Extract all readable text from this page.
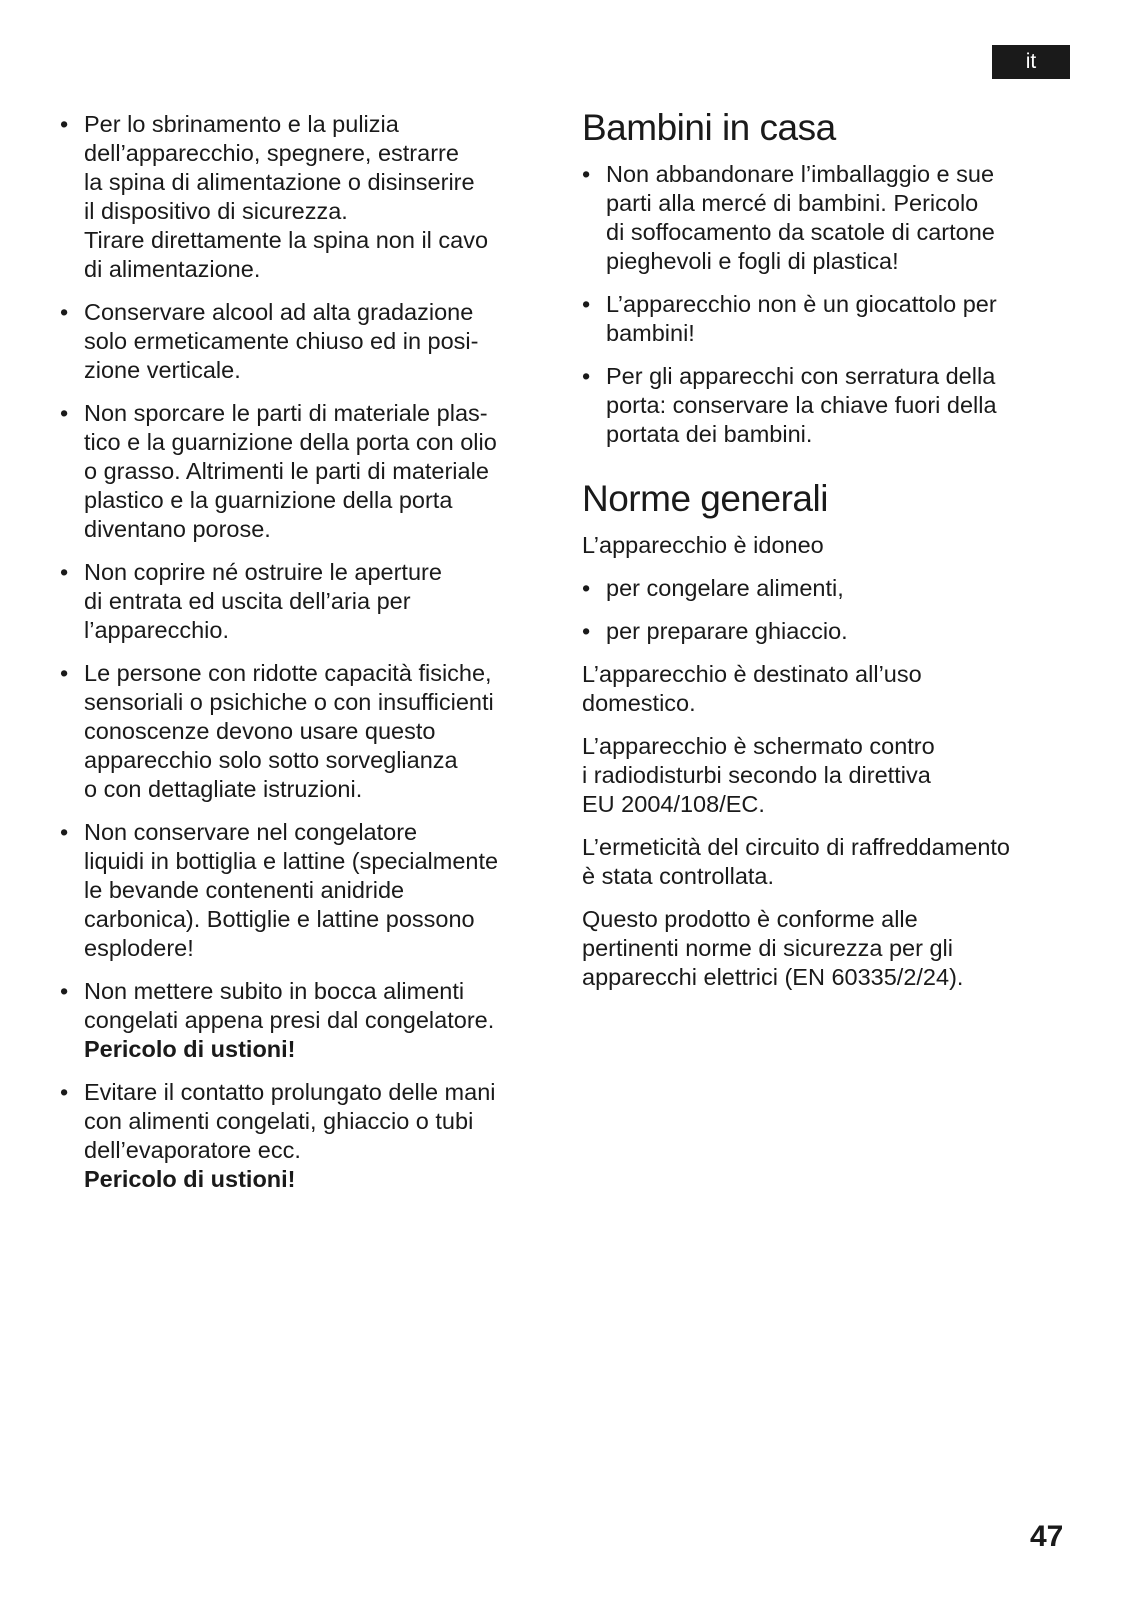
it
• Per lo sbrinamento e la pulizia
dell’apparecchio, spegnere, estrarre
la spina di alimentazione o disinserire
il dispositivo di sicurezza.
Tirare direttamente la spina non il cavo
di alimentazione.
• Conservare alcool ad alta gradazione
solo ermeticamente chiuso ed in posi-
zione verticale.
• Non sporcare le parti di materiale plas-
tico e la guarnizione della porta con olio
o grasso. Altrimenti le parti di materiale
plastico e la guarnizione della porta
diventano porose.
• Non coprire né ostruire le aperture
di entrata ed uscita dell’aria per
l’apparecchio.
• Le persone con ridotte capacità fisiche,
sensoriali o psichiche o con insufficienti
conoscenze devono usare questo
apparecchio solo sotto sorveglianza
o con dettagliate istruzioni.
• Non conservare nel congelatore
liquidi in bottiglia e lattine (specialmente
le bevande contenenti anidride
carbonica). Bottiglie e lattine possono
esplodere!
• Non mettere subito in bocca alimenti
congelati appena presi dal congelatore.
Pericolo di ustioni!
• Evitare il contatto prolungato delle mani
con alimenti congelati, ghiaccio o tubi
dell’evaporatore ecc.
Pericolo di ustioni!
Bambini in casa
• Non abbandonare l’imballaggio e sue
parti alla mercé di bambini. Pericolo
di soffocamento da scatole di cartone
pieghevoli e fogli di plastica!
• L’apparecchio non è un giocattolo per
bambini!
• Per gli apparecchi con serratura della
porta: conservare la chiave fuori della
portata dei bambini.
Norme generali

L’apparecchio è idoneo

• per congelare alimenti,
• per preparare ghiaccio.

L’apparecchio è destinato all’uso
domestico.

L’apparecchio è schermato contro
i radiodisturbi secondo la direttiva
EU 2004/108/EC.

L’ermeticità del circuito di raffreddamento
è stata controllata.

Questo prodotto è conforme alle
pertinenti norme di sicurezza per gli
apparecchi elettrici (EN 60335/2/24).

47
